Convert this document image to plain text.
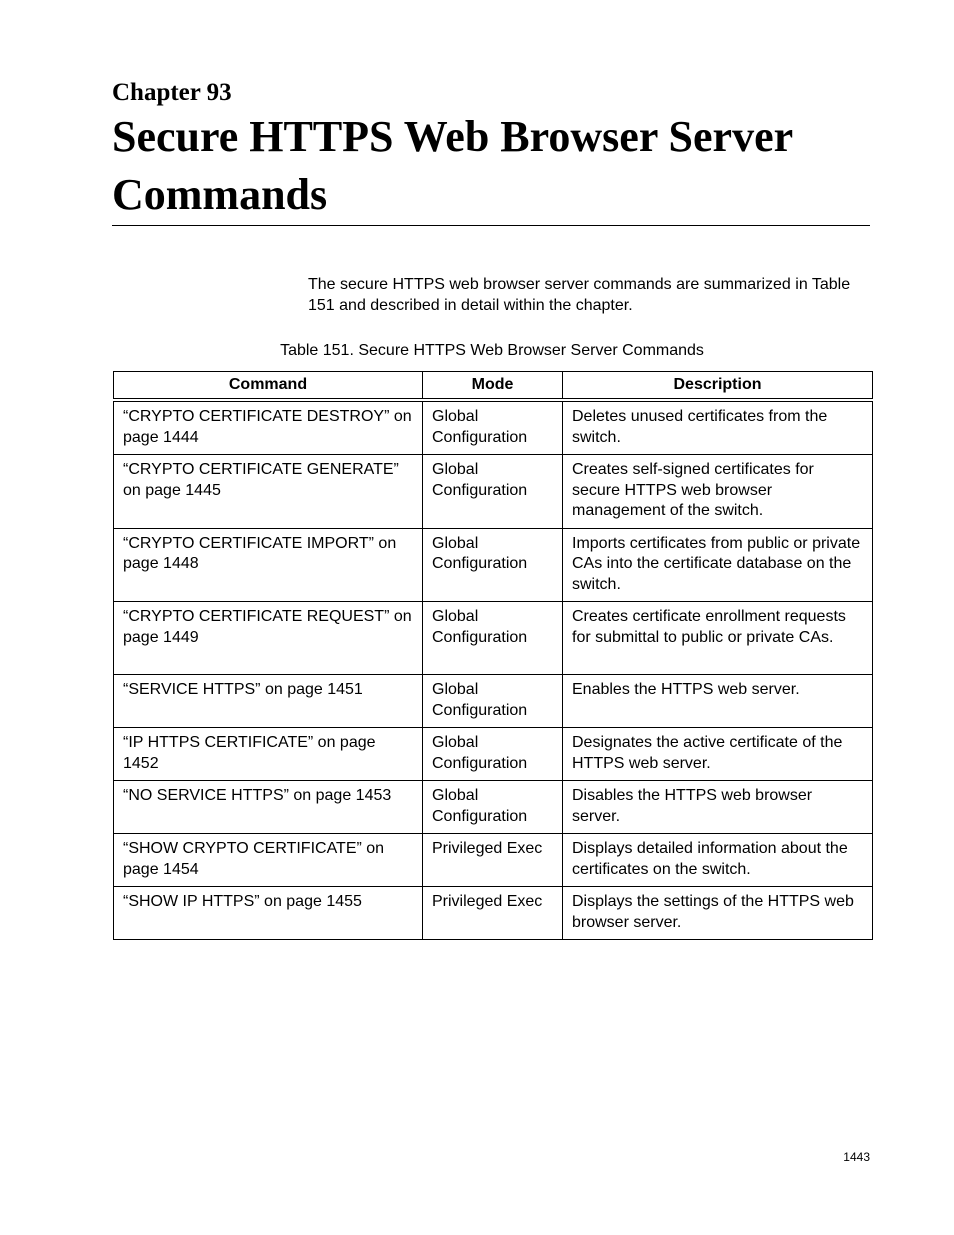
Chapter 93
Secure HTTPS Web Browser Server Commands

The secure HTTPS web browser server commands are summarized in Table 151 and described in detail within the chapter.

Table 151. Secure HTTPS Web Browser Server Commands
Command	Mode	Description
“CRYPTO CERTIFICATE DESTROY” on page 1444	Global Configuration	Deletes unused certificates from the switch.
“CRYPTO CERTIFICATE GENERATE” on page 1445	Global Configuration	Creates self-signed certificates for secure HTTPS web browser management of the switch.
“CRYPTO CERTIFICATE IMPORT” on page 1448	Global Configuration	Imports certificates from public or private CAs into the certificate database on the switch.
“CRYPTO CERTIFICATE REQUEST” on page 1449	Global Configuration	Creates certificate enrollment requests for submittal to public or private CAs.
“SERVICE HTTPS” on page 1451	Global Configuration	Enables the HTTPS web server.
“IP HTTPS CERTIFICATE” on page 1452	Global Configuration	Designates the active certificate of the HTTPS web server.
“NO SERVICE HTTPS” on page 1453	Global Configuration	Disables the HTTPS web browser server.
“SHOW CRYPTO CERTIFICATE” on page 1454	Privileged Exec	Displays detailed information about the certificates on the switch.
“SHOW IP HTTPS” on page 1455	Privileged Exec	Displays the settings of the HTTPS web browser server.
1443
